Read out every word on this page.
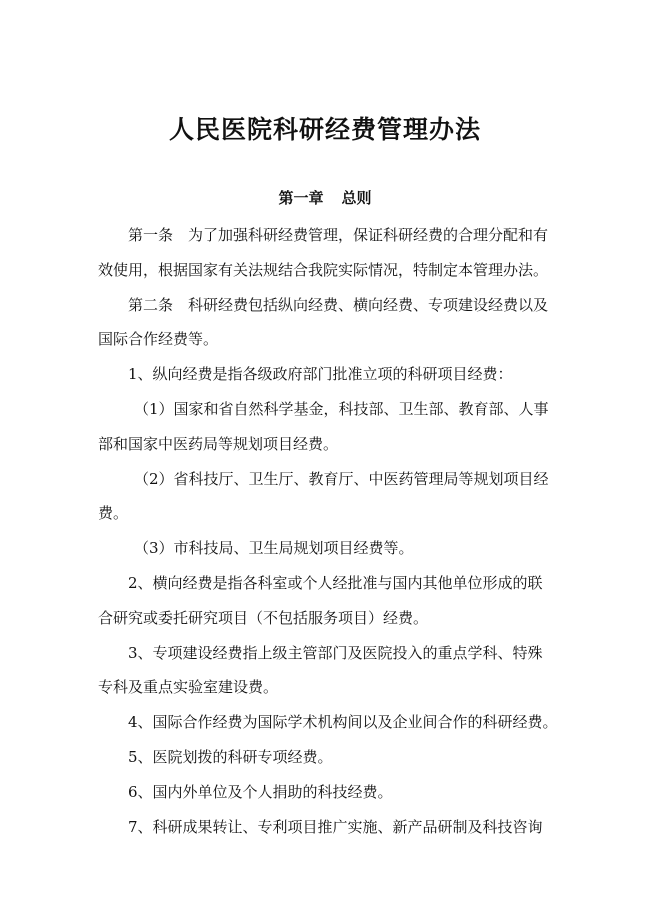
人民医院科研经费管理办法
第一章 总则
第一条　为了加强科研经费管理，保证科研经费的合理分配和有
效使用，根据国家有关法规结合我院实际情况，特制定本管理办法。
第二条　科研经费包括纵向经费、横向经费、专项建设经费以及
国际合作经费等。
1、纵向经费是指各级政府部门批准立项的科研项目经费：
（1）国家和省自然科学基金，科技部、卫生部、教育部、人事
部和国家中医药局等规划项目经费。
（2）省科技厅、卫生厅、教育厅、中医药管理局等规划项目经
费。
（3）市科技局、卫生局规划项目经费等。
2、横向经费是指各科室或个人经批准与国内其他单位形成的联
合研究或委托研究项目（不包括服务项目）经费。
3、专项建设经费指上级主管部门及医院投入的重点学科、特殊
专科及重点实验室建设费。
4、国际合作经费为国际学术机构间以及企业间合作的科研经费。
5、医院划拨的科研专项经费。
6、国内外单位及个人捐助的科技经费。
7、科研成果转让、专利项目推广实施、新产品研制及科技咨询
